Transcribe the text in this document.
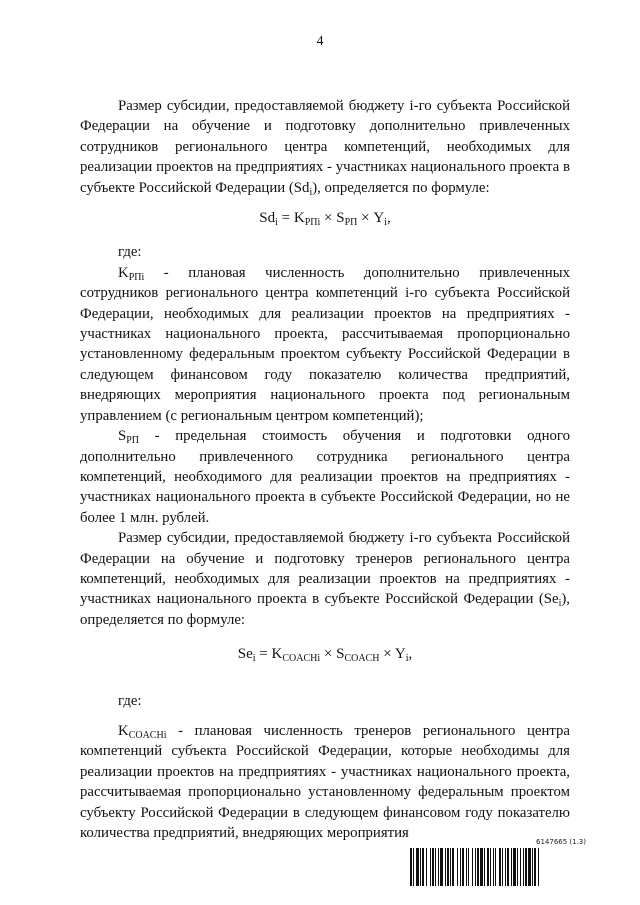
4

Размер субсидии, предоставляемой бюджету i-го субъекта Российской Федерации на обучение и подготовку дополнительно привлеченных сотрудников регионального центра компетенций, необходимых для реализации проектов на предприятиях - участниках национального проекта в субъекте Российской Федерации $(Sd_i)$, определяется по формуле:

$Sd_i = K_{РПi} \times S_{РП} \times Y_i$,

где:

$K_{РПi}$ - плановая численность дополнительно привлеченных сотрудников регионального центра компетенций i-го субъекта Российской Федерации, необходимых для реализации проектов на предприятиях - участниках национального проекта, рассчитываемая пропорционально установленному федеральным проектом субъекту Российской Федерации в следующем финансовом году показателю количества предприятий, внедряющих мероприятия национального проекта под региональным управлением (с региональным центром компетенций);

$S_{РП}$ - предельная стоимость обучения и подготовки одного дополнительно привлеченного сотрудника регионального центра компетенций, необходимого для реализации проектов на предприятиях - участниках национального проекта в субъекте Российской Федерации, но не более 1 млн. рублей.

Размер субсидии, предоставляемой бюджету i-го субъекта Российской Федерации на обучение и подготовку тренеров регионального центра компетенций, необходимых для реализации проектов на предприятиях - участниках национального проекта в субъекте Российской Федерации $(Se_i)$, определяется по формуле:

$Se_i = K_{COACHi} \times S_{COACH} \times Y_i$,

где:

$K_{COACHi}$ - плановая численность тренеров регионального центра компетенций субъекта Российской Федерации, которые необходимы для реализации проектов на предприятиях - участниках национального проекта, рассчитываемая пропорционально установленному федеральным проектом субъекту Российской Федерации в следующем финансовом году показателю количества предприятий, внедряющих мероприятия

6147665 (1.3)
